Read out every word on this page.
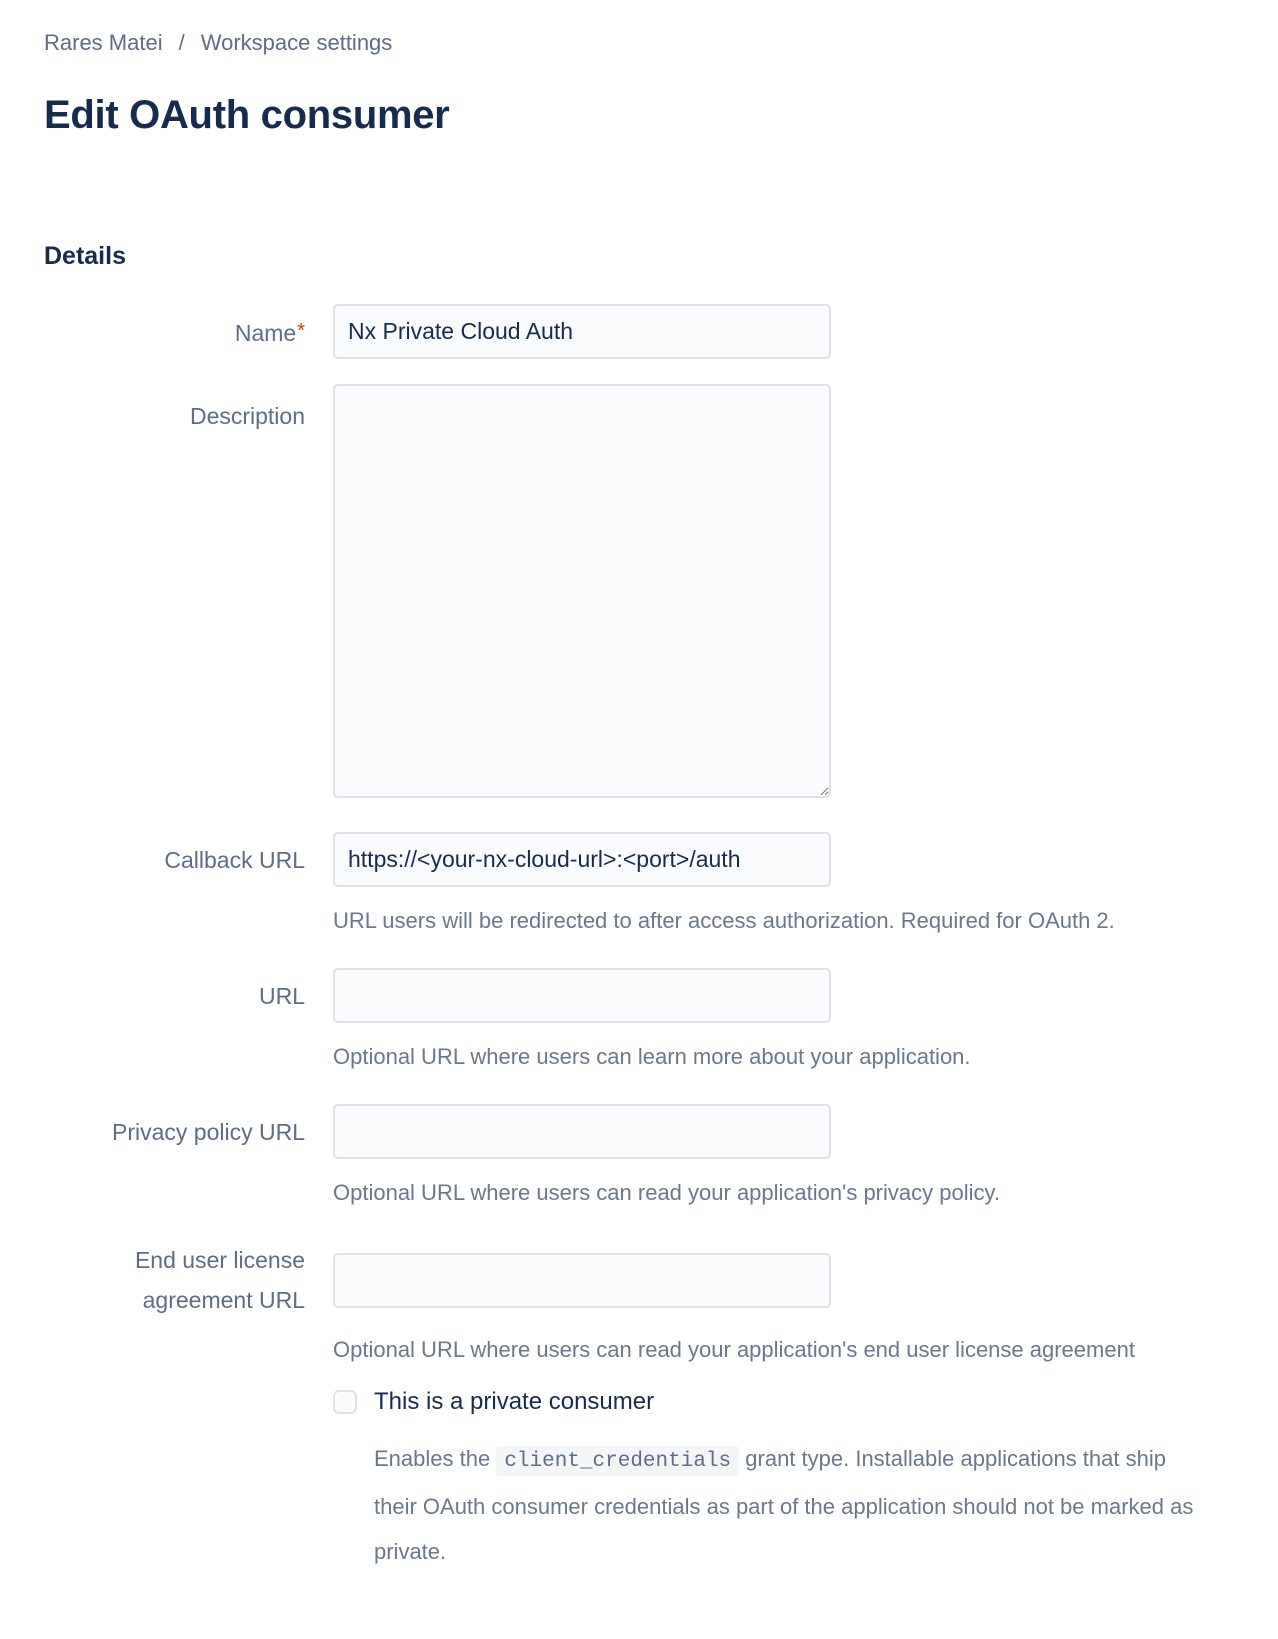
Rares Matei / Workspace settings
Edit OAuth consumer
Details
Name*
Nx Private Cloud Auth
Description
Callback URL
https://<your-nx-cloud-url>:<port>/auth

URL users will be redirected to after access authorization. Required for OAuth 2.

URL

Optional URL where users can learn more about your application.

Privacy policy URL

Optional URL where users can read your application's privacy policy.

End user license agreement URL

Optional URL where users can read your application's end user license agreement

This is a private consumer

Enables the client_credentials grant type. Installable applications that ship their OAuth consumer credentials as part of the application should not be marked as private.
